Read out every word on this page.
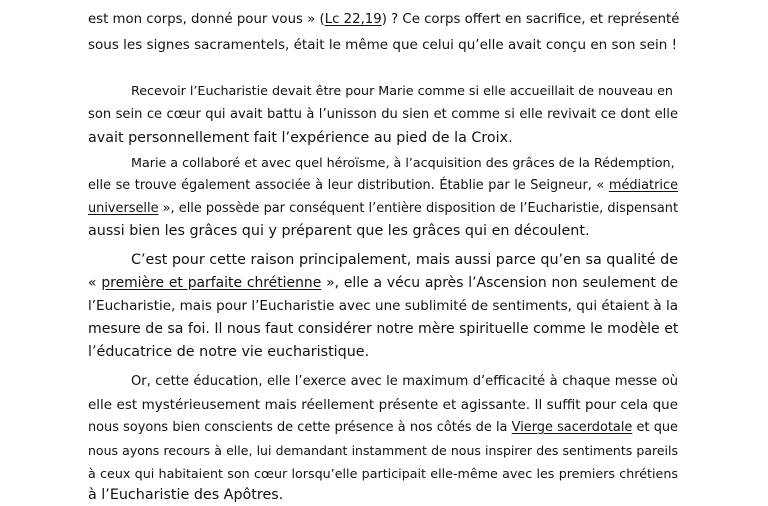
est mon corps, donné pour vous » (Lc 22,19) ? Ce corps offert en sacrifice, et représenté
sous les signes sacramentels, était le même que celui qu’elle avait conçu en son sein !
Recevoir l’Eucharistie devait être pour Marie comme si elle accueillait de nouveau en
son sein ce cœur qui avait battu à l’unisson du sien et comme si elle revivait ce dont elle
avait personnellement fait l’expérience au pied de la Croix.
Marie a collaboré et avec quel héroïsme, à l’acquisition des grâces de la Rédemption,
elle se trouve également associée à leur distribution. Établie par le Seigneur, « médiatrice
universelle », elle possède par conséquent l’entière disposition de l’Eucharistie, dispensant
aussi bien les grâces qui y préparent que les grâces qui en découlent.
C’est pour cette raison principalement, mais aussi parce qu’en sa qualité de
« première et parfaite chrétienne », elle a vécu après l’Ascension non seulement de
l’Eucharistie, mais pour l’Eucharistie avec une sublimité de sentiments, qui étaient à la
mesure de sa foi. Il nous faut considérer notre mère spirituelle comme le modèle et
l’éducatrice de notre vie eucharistique.
Or, cette éducation, elle l’exerce avec le maximum d’efficacité à chaque messe où
elle est mystérieusement mais réellement présente et agissante. Il suffit pour cela que
nous soyons bien conscients de cette présence à nos côtés de la Vierge sacerdotale et que
nous ayons recours à elle, lui demandant instamment de nous inspirer des sentiments pareils
à ceux qui habitaient son cœur lorsqu’elle participait elle-même avec les premiers chrétiens
à l’Eucharistie des Apôtres.
